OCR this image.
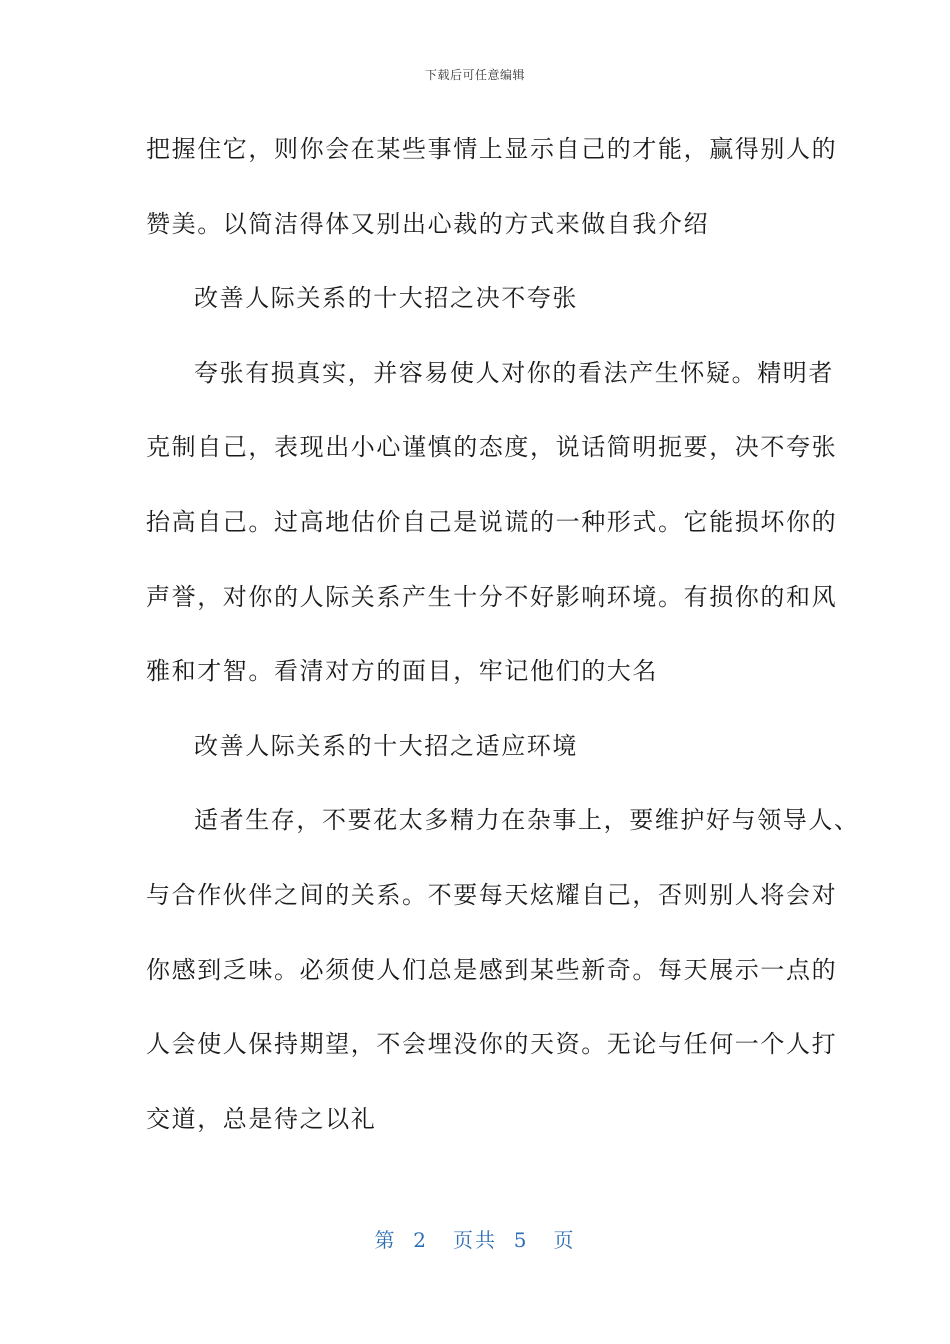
下载后可任意编辑
把握住它，则你会在某些事情上显示自己的才能，赢得别人的
赞美。以简洁得体又别出心裁的方式来做自我介绍
改善人际关系的十大招之决不夸张
夸张有损真实，并容易使人对你的看法产生怀疑。精明者
克制自己，表现出小心谨慎的态度，说话简明扼要，决不夸张
抬高自己。过高地估价自己是说谎的一种形式。它能损坏你的
声誉，对你的人际关系产生十分不好影响环境。有损你的和风
雅和才智。看清对方的面目，牢记他们的大名
改善人际关系的十大招之适应环境
适者生存，不要花太多精力在杂事上，要维护好与领导人、
与合作伙伴之间的关系。不要每天炫耀自己，否则别人将会对
你感到乏味。必须使人们总是感到某些新奇。每天展示一点的
人会使人保持期望，不会埋没你的天资。无论与任何一个人打
交道，总是待之以礼
第 2 页共 5 页
